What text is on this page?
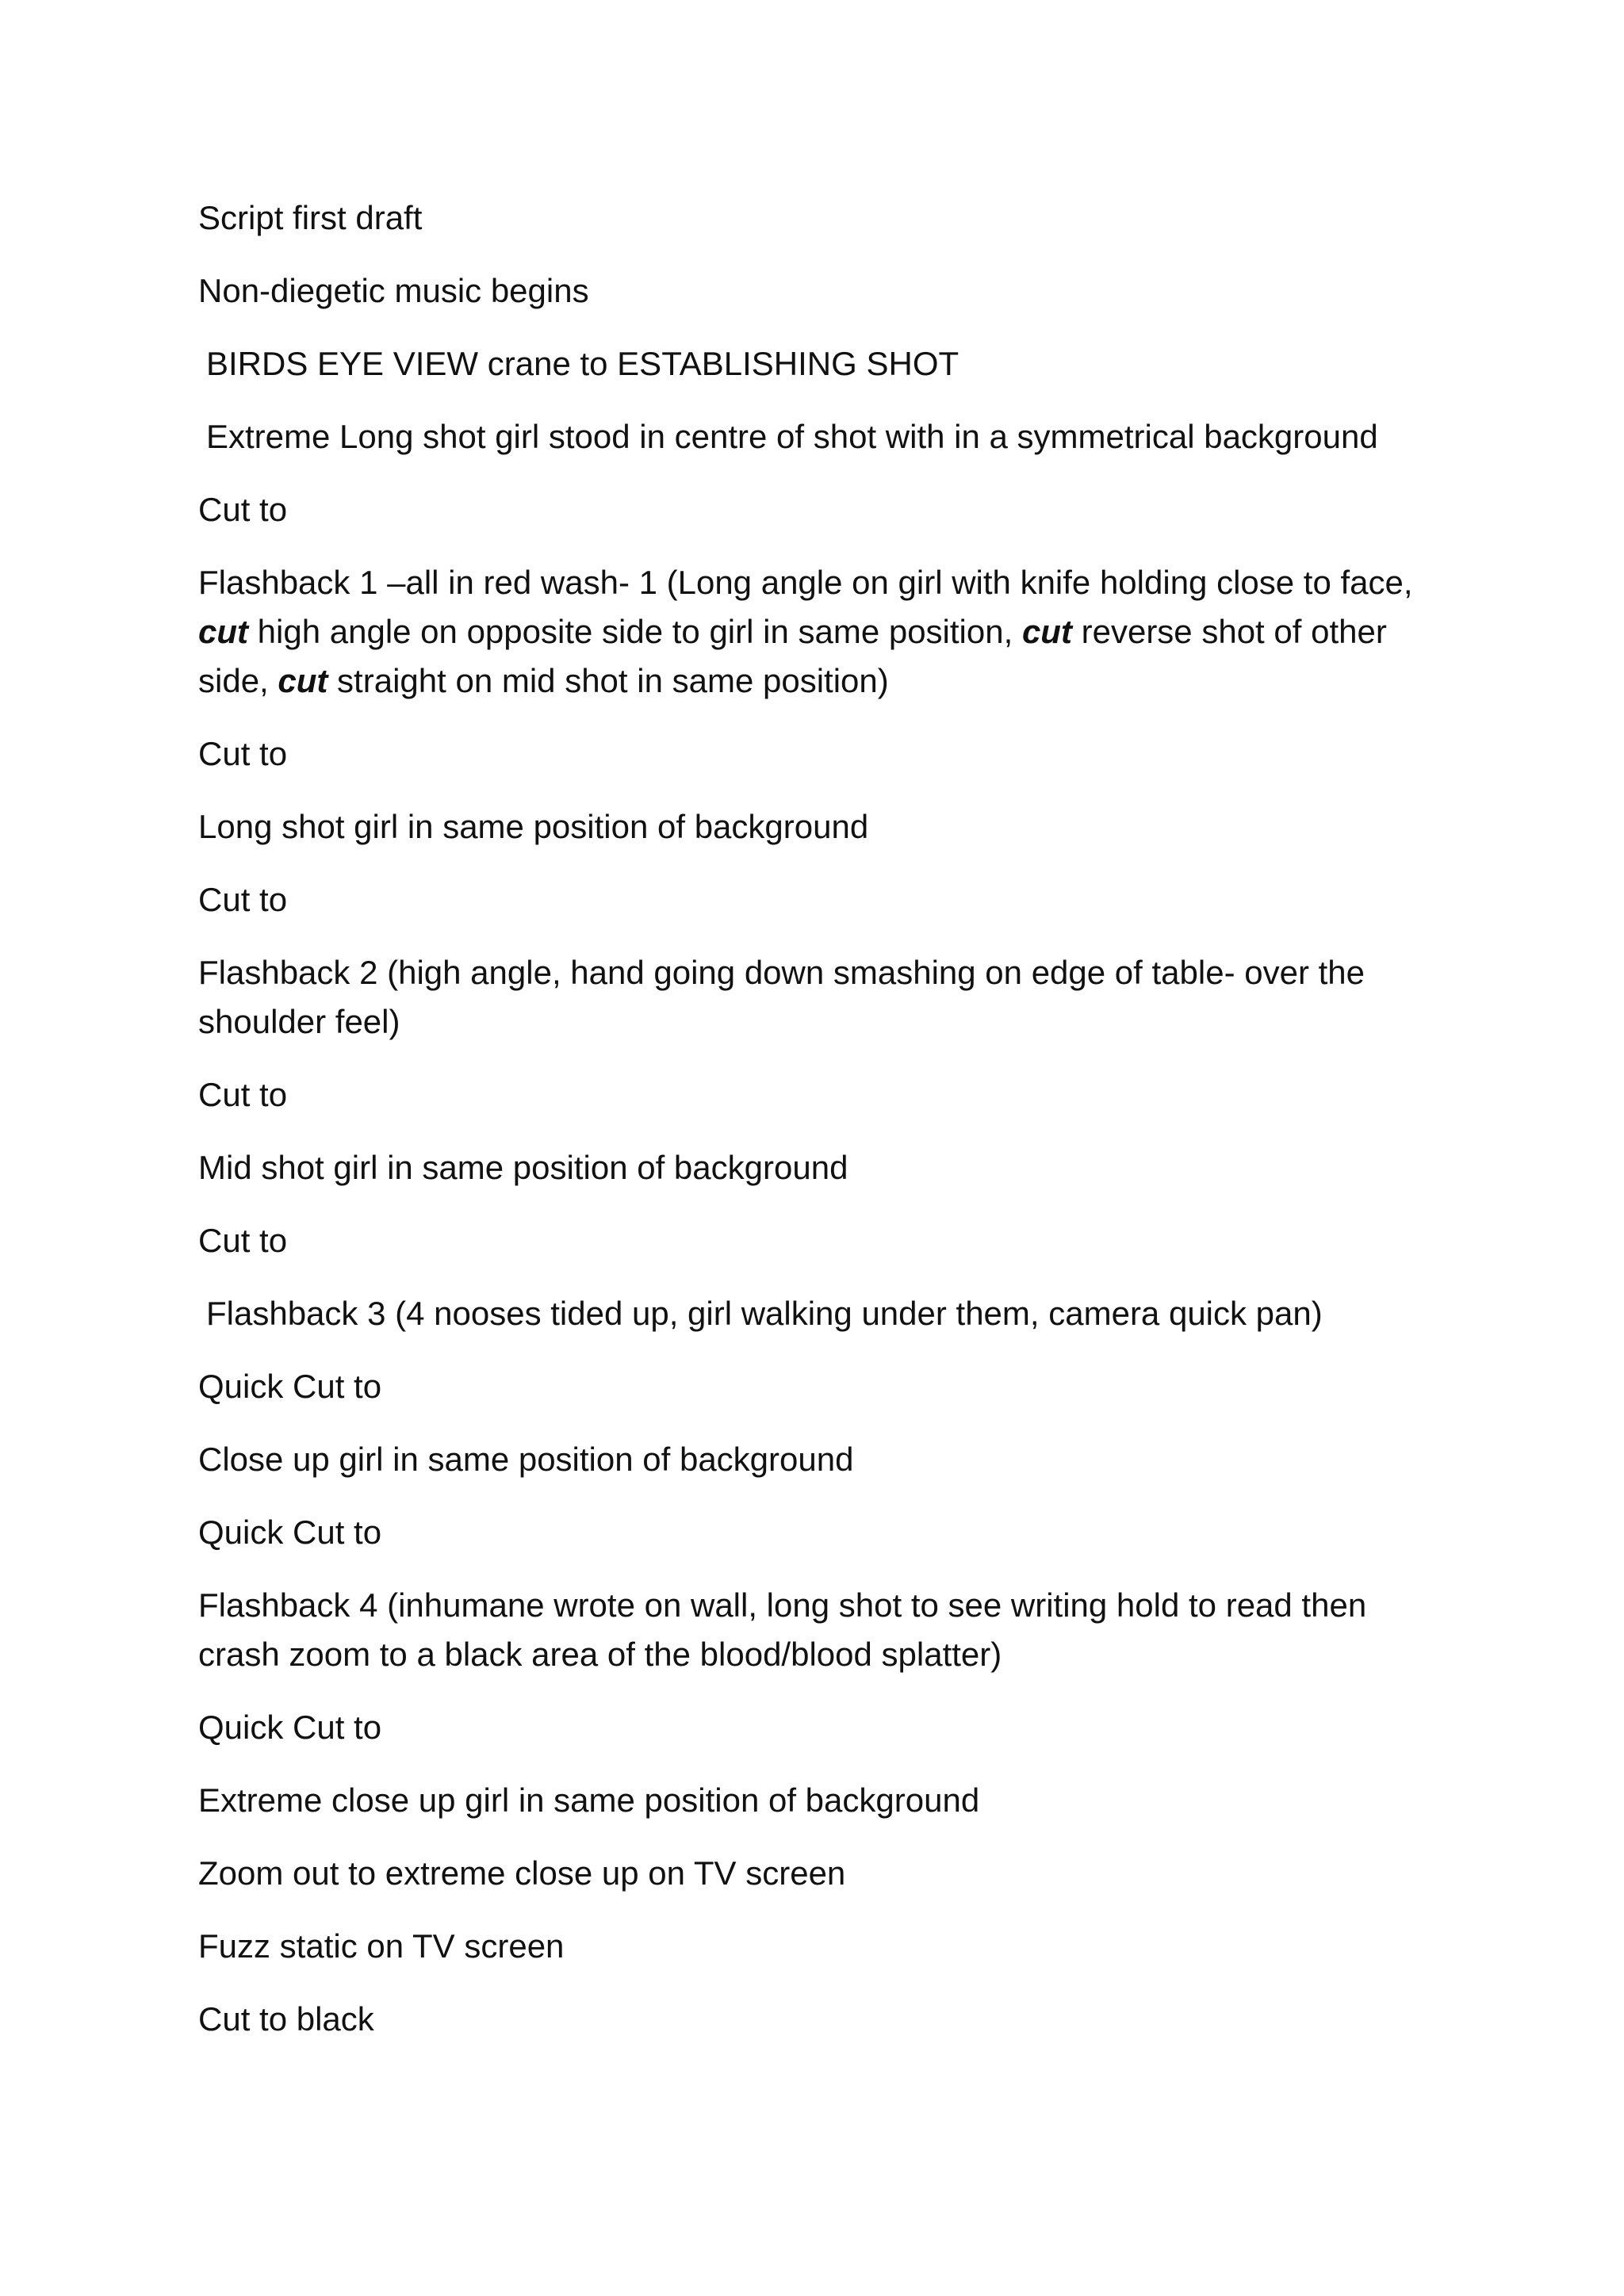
Script first draft

Non-diegetic music begins

BIRDS EYE VIEW crane to ESTABLISHING SHOT

Extreme Long shot girl stood in centre of shot with in a symmetrical background

Cut to

Flashback 1 –all in red wash- 1 (Long angle on girl with knife holding close to face, cut high angle on opposite side to girl in same position, cut reverse shot of other side, cut straight on mid shot in same position)

Cut to

Long shot girl in same position of background

Cut to

Flashback 2 (high angle, hand going down smashing on edge of table- over the shoulder feel)

Cut to

Mid shot girl in same position of background

Cut to

Flashback 3 (4 nooses tided up, girl walking under them, camera quick pan)

Quick Cut to

Close up girl in same position of background

Quick Cut to

Flashback 4 (inhumane wrote on wall, long shot to see writing hold to read then crash zoom to a black area of the blood/blood splatter)

Quick Cut to

Extreme close up girl in same position of background

Zoom out to extreme close up on TV screen

Fuzz static on TV screen

Cut to black
